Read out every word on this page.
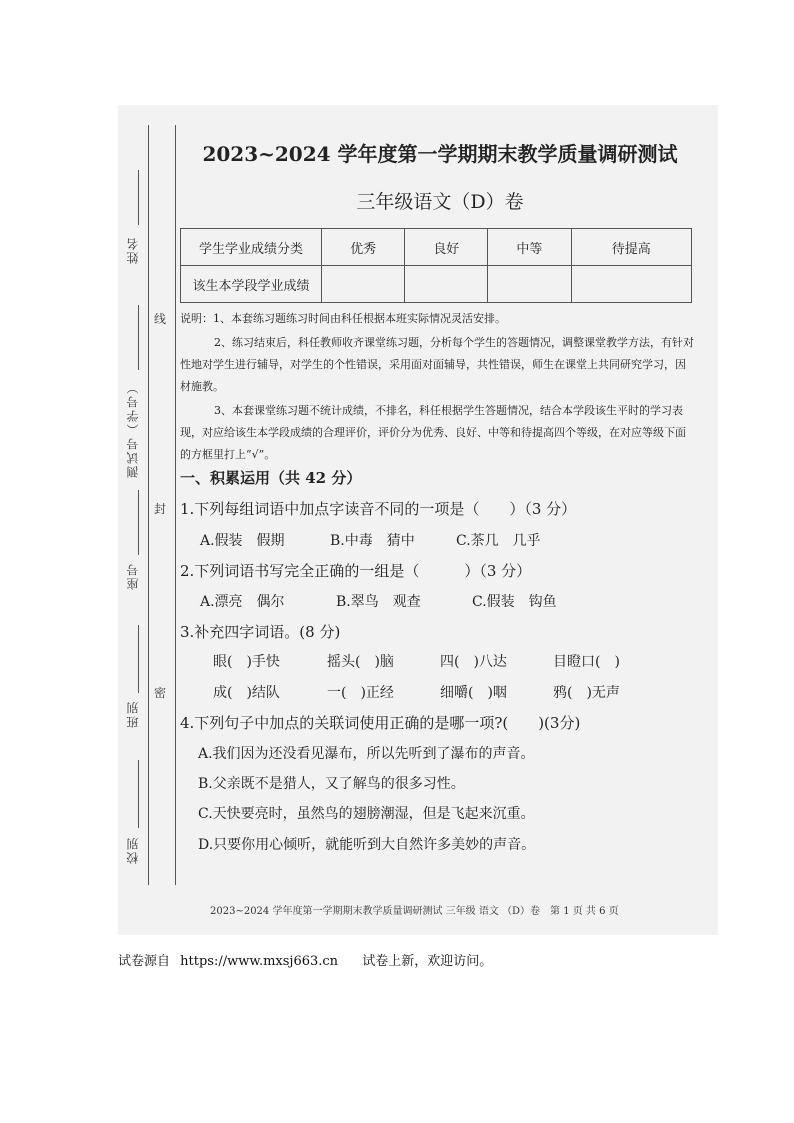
姓名
测试号（学号）
座号
班别
校别
线
封
密
2023~2024 学年度第一学期期末教学质量调研测试
三年级语文（D）卷
学生学业成绩分类	优秀	良好	中等	待提高
该生本学段学业成绩				

说明：1、本套练习题练习时间由科任根据本班实际情况灵活安排。

2、练习结束后，科任教师收齐课堂练习题，分析每个学生的答题情况，调整课堂教学方法，有针对性地对学生进行辅导，对学生的个性错误，采用面对面辅导，共性错误，师生在课堂上共同研究学习，因材施教。

3、本套课堂练习题不统计成绩，不排名，科任根据学生答题情况，结合本学段该生平时的学习表现，对应给该生本学段成绩的合理评价，评价分为优秀、良好、中等和待提高四个等级，在对应等级下面的方框里打上“√”。

一、积累运用（共 42 分）
1.下列每组词语中加点字读音不同的一项是（　　）（3 分）
A.假装　假期	B.中毒　猜中	C.茶几　几乎
2.下列词语书写完全正确的一组是（　　　）（3 分）
A.漂亮　偶尔	B.翠鸟　观查	C.假装　钩鱼
3.补充四字词语。(8 分)
眼(　)手快	摇头(　)脑	四(　)八达	目瞪口(　)
成(　)结队	一(　)正经	细嚼(　)咽	鸦(　)无声
4.下列句子中加点的关联词使用正确的是哪一项?(　　)(3分)
A.我们因为还没看见瀑布，所以先听到了瀑布的声音。
B.父亲既不是猎人，又了解鸟的很多习性。
C.天快要亮时，虽然鸟的翅膀潮湿，但是飞起来沉重。
D.只要你用心倾听，就能听到大自然许多美妙的声音。
2023~2024 学年度第一学期期末教学质量调研测试 三年级 语文 （D）卷　第 1 页 共 6 页
试卷源自 https://www.mxsj663.cn 试卷上新，欢迎访问。
